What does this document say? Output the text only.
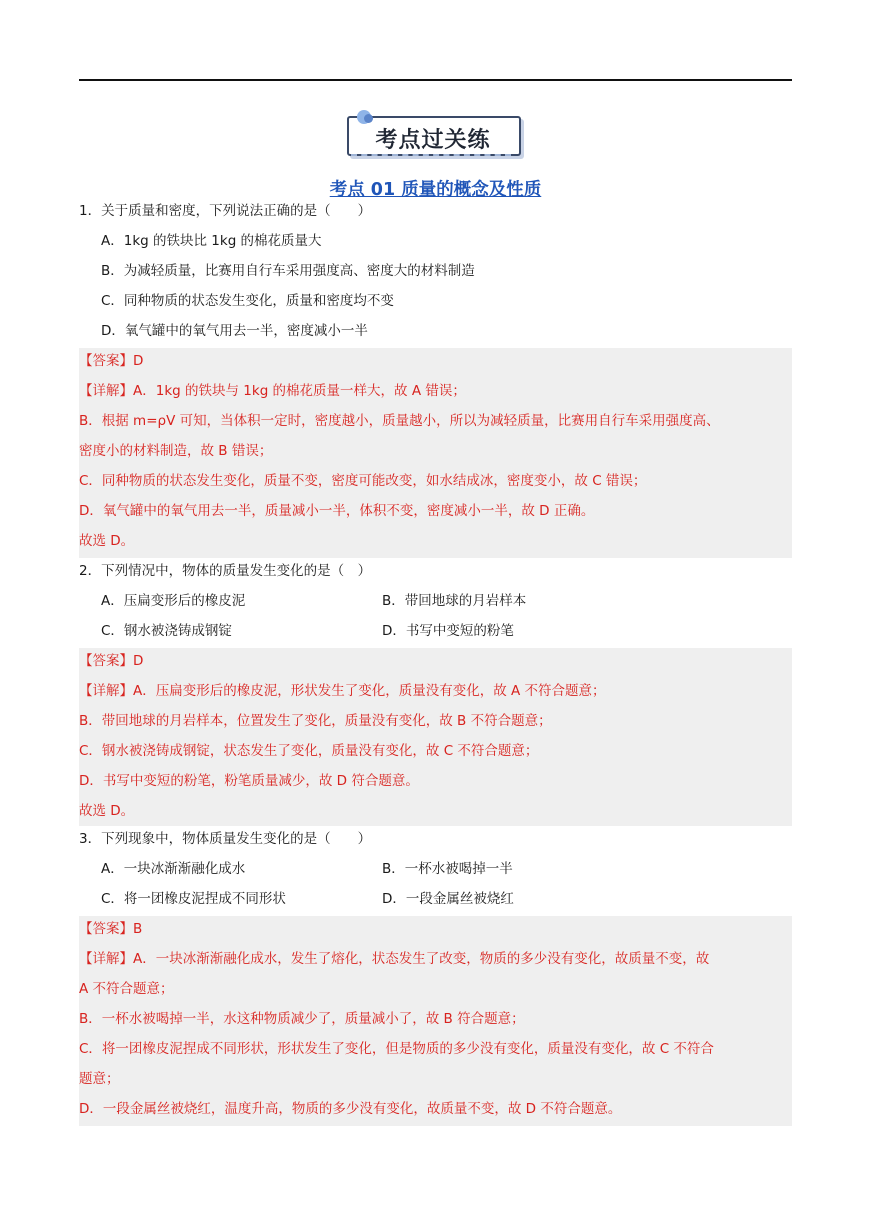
考点过关练
考点 01 质量的概念及性质
1．关于质量和密度，下列说法正确的是（　　）
A．1kg 的铁块比 1kg 的棉花质量大
B．为减轻质量，比赛用自行车采用强度高、密度大的材料制造
C．同种物质的状态发生变化，质量和密度均不变
D．氧气罐中的氧气用去一半，密度减小一半
【答案】D
【详解】A．1kg 的铁块与 1kg 的棉花质量一样大，故 A 错误；
B．根据 m=ρV 可知，当体积一定时，密度越小，质量越小，所以为减轻质量，比赛用自行车采用强度高、
密度小的材料制造，故 B 错误；
C．同种物质的状态发生变化，质量不变，密度可能改变，如水结成冰，密度变小，故 C 错误；
D．氧气罐中的氧气用去一半，质量减小一半，体积不变，密度减小一半，故 D 正确。
故选 D。
2．下列情况中，物体的质量发生变化的是（　）
A．压扁变形后的橡皮泥	B．带回地球的月岩样本
C．钢水被浇铸成钢锭	D．书写中变短的粉笔
【答案】D
【详解】A．压扁变形后的橡皮泥，形状发生了变化，质量没有变化，故 A 不符合题意；
B．带回地球的月岩样本，位置发生了变化，质量没有变化，故 B 不符合题意；
C．钢水被浇铸成钢锭，状态发生了变化，质量没有变化，故 C 不符合题意；
D．书写中变短的粉笔，粉笔质量减少，故 D 符合题意。
故选 D。
3．下列现象中，物体质量发生变化的是（　　）
A．一块冰渐渐融化成水	B．一杯水被喝掉一半
C．将一团橡皮泥捏成不同形状	D．一段金属丝被烧红
【答案】B
【详解】A．一块冰渐渐融化成水，发生了熔化，状态发生了改变，物质的多少没有变化，故质量不变，故
A 不符合题意；
B．一杯水被喝掉一半，水这种物质减少了，质量减小了，故 B 符合题意；
C．将一团橡皮泥捏成不同形状，形状发生了变化，但是物质的多少没有变化，质量没有变化，故 C 不符合
题意；
D．一段金属丝被烧红，温度升高，物质的多少没有变化，故质量不变，故 D 不符合题意。
